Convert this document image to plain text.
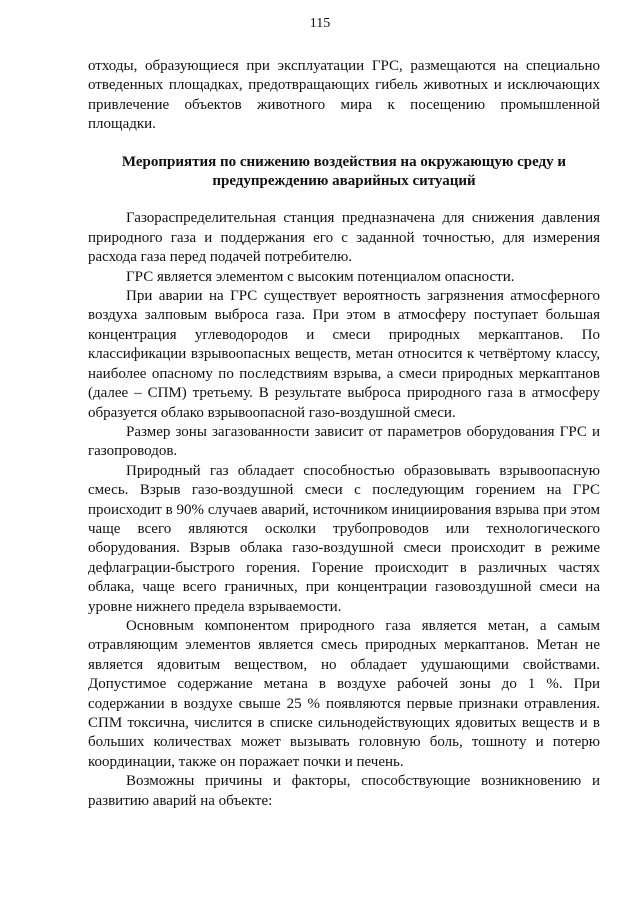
115

отходы, образующиеся при эксплуатации ГРС, размещаются на специально отведенных площадках, предотвращающих гибель животных и исключающих привлечение объектов животного мира к посещению промышленной площадки.

Мероприятия по снижению воздействия на окружающую среду и предупреждению аварийных ситуаций

Газораспределительная станция предназначена для снижения давления природного газа и поддержания его с заданной точностью, для измерения расхода газа перед подачей потребителю.

ГРС является элементом с высоким потенциалом опасности.

При аварии на ГРС существует вероятность загрязнения атмосферного воздуха залповым выброса газа. При этом в атмосферу поступает большая концентрация углеводородов и смеси природных меркаптанов. По классификации взрывоопасных веществ, метан относится к четвёртому классу, наиболее опасному по последствиям взрыва, а смеси природных меркаптанов (далее – СПМ) третьему. В результате выброса природного газа в атмосферу образуется облако взрывоопасной газо-воздушной смеси.

Размер зоны загазованности зависит от параметров оборудования ГРС и газопроводов.

Природный газ обладает способностью образовывать взрывоопасную смесь. Взрыв газо-воздушной смеси с последующим горением на ГРС происходит в 90% случаев аварий, источником инициирования взрыва при этом чаще всего являются осколки трубопроводов или технологического оборудования. Взрыв облака газо-воздушной смеси происходит в режиме дефлаграции-быстрого горения. Горение происходит в различных частях облака, чаще всего граничных, при концентрации газовоздушной смеси на уровне нижнего предела взрываемости.

Основным компонентом природного газа является метан, а самым отравляющим элементов является смесь природных меркаптанов. Метан не является ядовитым веществом, но обладает удушающими свойствами. Допустимое содержание метана в воздухе рабочей зоны до 1 %. При содержании в воздухе свыше 25 % появляются первые признаки отравления. СПМ токсична, числится в списке сильнодействующих ядовитых веществ и в больших количествах может вызывать головную боль, тошноту и потерю координации, также он поражает почки и печень.

Возможны причины и факторы, способствующие возникновению и развитию аварий на объекте:
